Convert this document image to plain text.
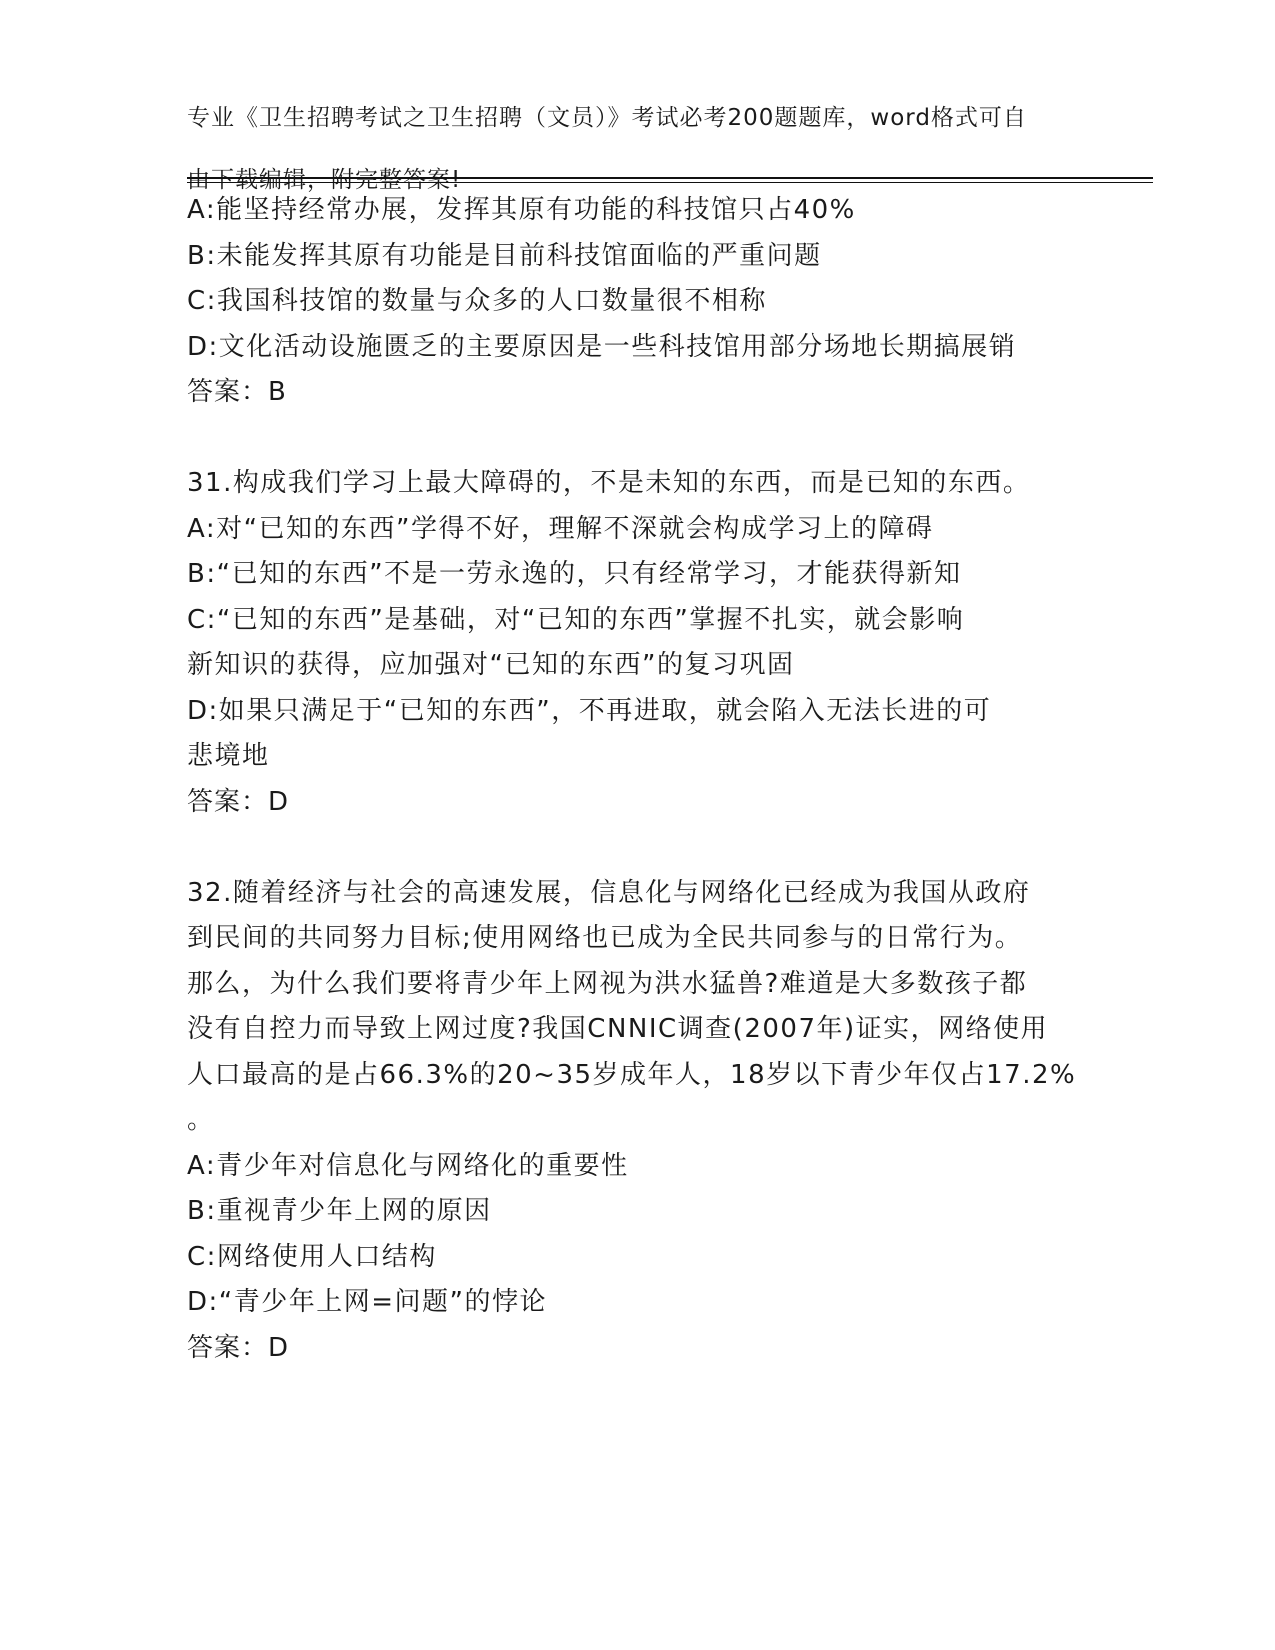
专业《卫生招聘考试之卫生招聘（文员）》考试必考200题题库，word格式可自

由下载编辑，附完整答案!

A:能坚持经常办展，发挥其原有功能的科技馆只占40%
B:未能发挥其原有功能是目前科技馆面临的严重问题
C:我国科技馆的数量与众多的人口数量很不相称
D:文化活动设施匮乏的主要原因是一些科技馆用部分场地长期搞展销
答案：B
31.构成我们学习上最大障碍的，不是未知的东西，而是已知的东西。
A:对“已知的东西”学得不好，理解不深就会构成学习上的障碍
B:“已知的东西”不是一劳永逸的，只有经常学习，才能获得新知
C:“已知的东西”是基础，对“已知的东西”掌握不扎实，就会影响
新知识的获得，应加强对“已知的东西”的复习巩固
D:如果只满足于“已知的东西”，不再进取，就会陷入无法长进的可
悲境地
答案：D
32.随着经济与社会的高速发展，信息化与网络化已经成为我国从政府
到民间的共同努力目标;使用网络也已成为全民共同参与的日常行为。
那么，为什么我们要将青少年上网视为洪水猛兽?难道是大多数孩子都
没有自控力而导致上网过度?我国CNNIC调查(2007年)证实，网络使用
人口最高的是占66.3%的20~35岁成年人，18岁以下青少年仅占17.2%
。
A:青少年对信息化与网络化的重要性
B:重视青少年上网的原因
C:网络使用人口结构
D:“青少年上网=问题”的悖论
答案：D
